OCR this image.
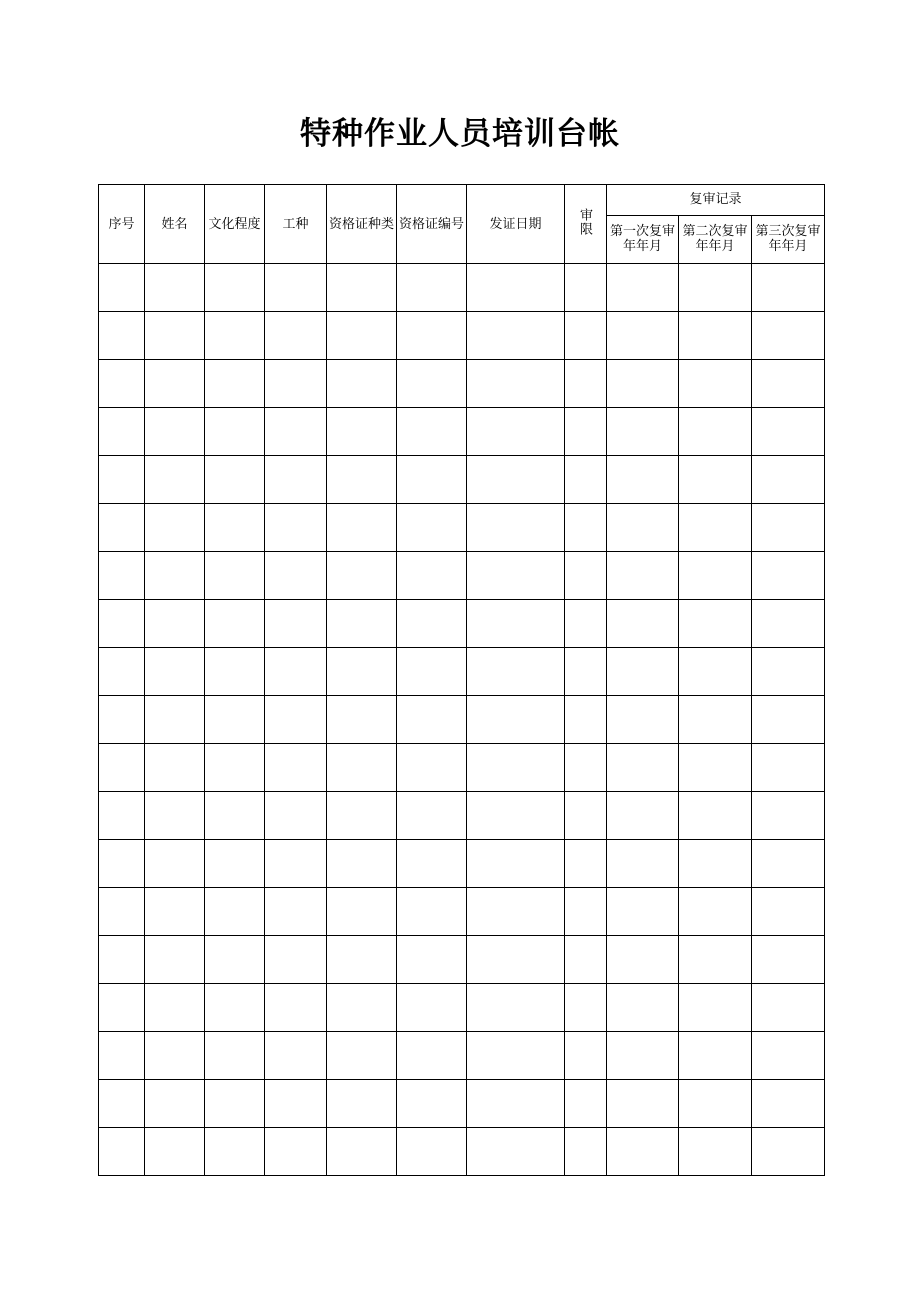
特种作业人员培训台帐
序号	姓名	文化程度	工种	资格证种类	资格证编号	发证日期	审限	复审记录		
								第一次复审年年月	第二次复审年年月	第三次复审年年月
